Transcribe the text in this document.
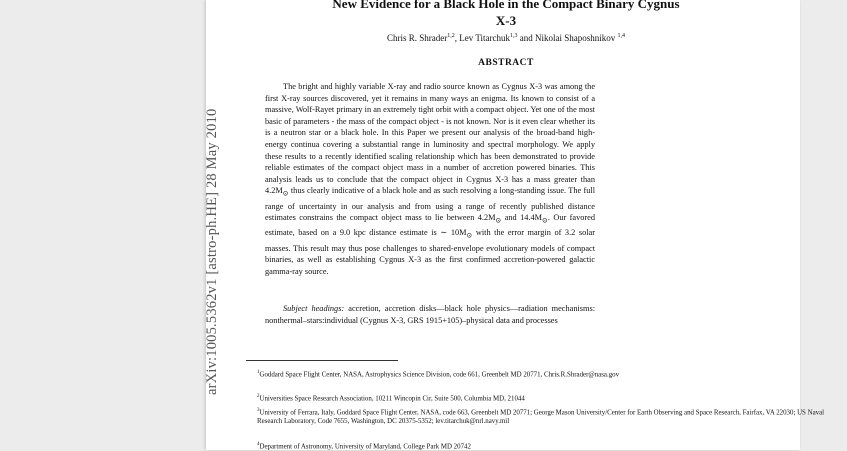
arXiv:1005.5362v1 [astro-ph.HE] 28 May 2010
New Evidence for a Black Hole in the Compact Binary Cygnus
X-3
Chris R. Shrader$^{1,2}$, Lev Titarchuk$^{1,3}$ and Nikolai Shaposhnikov $^{1,4}$
ABSTRACT
The bright and highly variable X-ray and radio source known as Cygnus X-3 was among the first X-ray sources discovered, yet it remains in many ways an enigma. Its known to consist of a massive, Wolf-Rayet primary in an extremely tight orbit with a compact object. Yet one of the most basic of parameters - the mass of the compact object - is not known. Nor is it even clear whether its is a neutron star or a black hole. In this Paper we present our analysis of the broad-band high-energy continua covering a substantial range in luminosity and spectral morphology. We apply these results to a recently identified scaling relationship which has been demonstrated to provide reliable estimates of the compact object mass in a number of accretion powered binaries. This analysis leads us to conclude that the compact object in Cygnus X-3 has a mass greater than $4.2M_⊙$ thus clearly indicative of a black hole and as such resolving a long-standing issue. The full range of uncertainty in our analysis and from using a range of recently published distance estimates constrains the compact object mass to lie between $4.2M_⊙$ and $14.4M_⊙$. Our favored estimate, based on a 9.0 kpc distance estimate is ∼ $10M_⊙$ with the error margin of 3.2 solar masses. This result may thus pose challenges to shared-envelope evolutionary models of compact binaries, as well as establishing Cygnus X-3 as the first confirmed accretion-powered galactic gamma-ray source.
Subject headings: accretion, accretion disks—black hole physics—radiation mechanisms: nonthermal–stars:individual (Cygnus X-3, GRS 1915+105)–physical data and processes
$^1$Goddard Space Flight Center, NASA, Astrophysics Science Division, code 661, Greenbelt MD 20771, Chris.R.Shrader@nasa.gov
$^2$Universities Space Research Association, 10211 Wincopin Cir, Suite 500, Columbia MD, 21044
$^3$University of Ferrara, Italy, Goddard Space Flight Center, NASA, code 663, Greenbelt MD 20771; George Mason University/Center for Earth Observing and Space Research, Fairfax, VA 22030; US Naval Research Laboratory, Code 7655, Washington, DC 20375-5352; lev.titarchuk@nrl.navy.mil
$^4$Department of Astronomy, University of Maryland, College Park MD 20742
